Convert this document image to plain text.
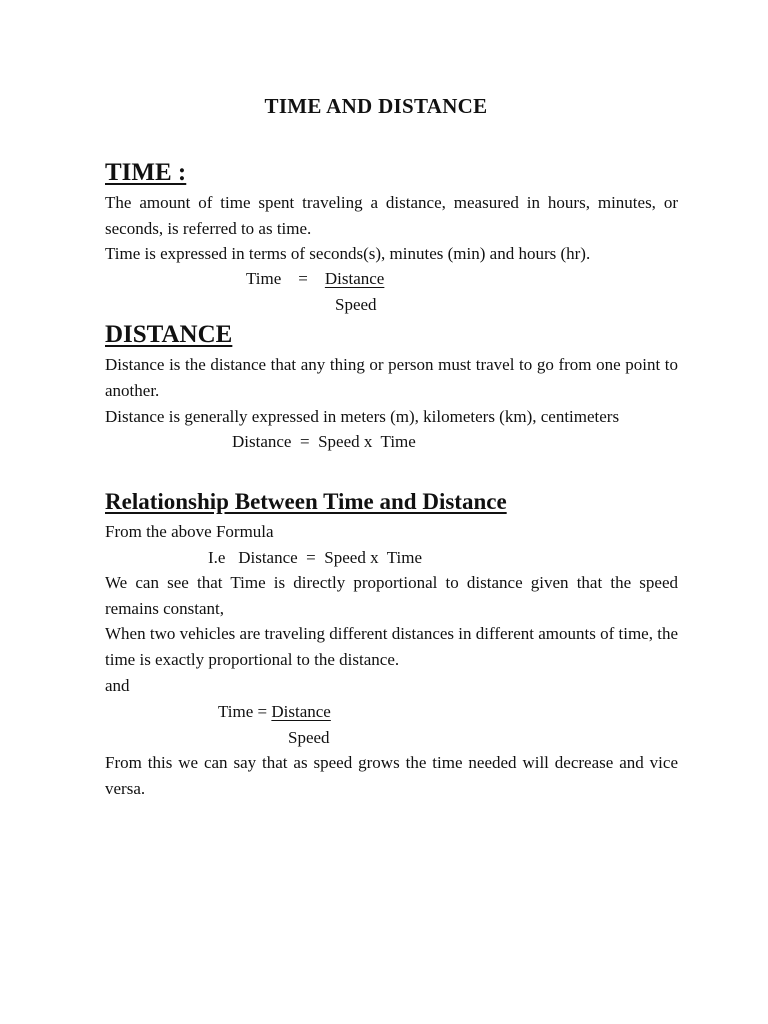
TIME AND DISTANCE
TIME :

The amount of time spent traveling a distance, measured in hours, minutes, or seconds, is referred to as time.

Time is expressed in terms of seconds(s), minutes (min) and hours (hr).

Time = Distance
Speed
DISTANCE

Distance is the distance that any thing or person must travel to go from one point to another.

Distance is generally expressed in meters (m), kilometers (km), centimeters

Distance  =  Speed x  Time
Relationship Between Time and Distance

From the above Formula

I.e   Distance  =  Speed x  Time

We can see that Time is directly proportional to distance given that the speed remains constant,

When two vehicles are traveling different distances in different amounts of time, the time is exactly proportional to the distance.

and

Time = Distance
Speed

From this we can say that as speed grows the time needed will decrease and vice versa.
